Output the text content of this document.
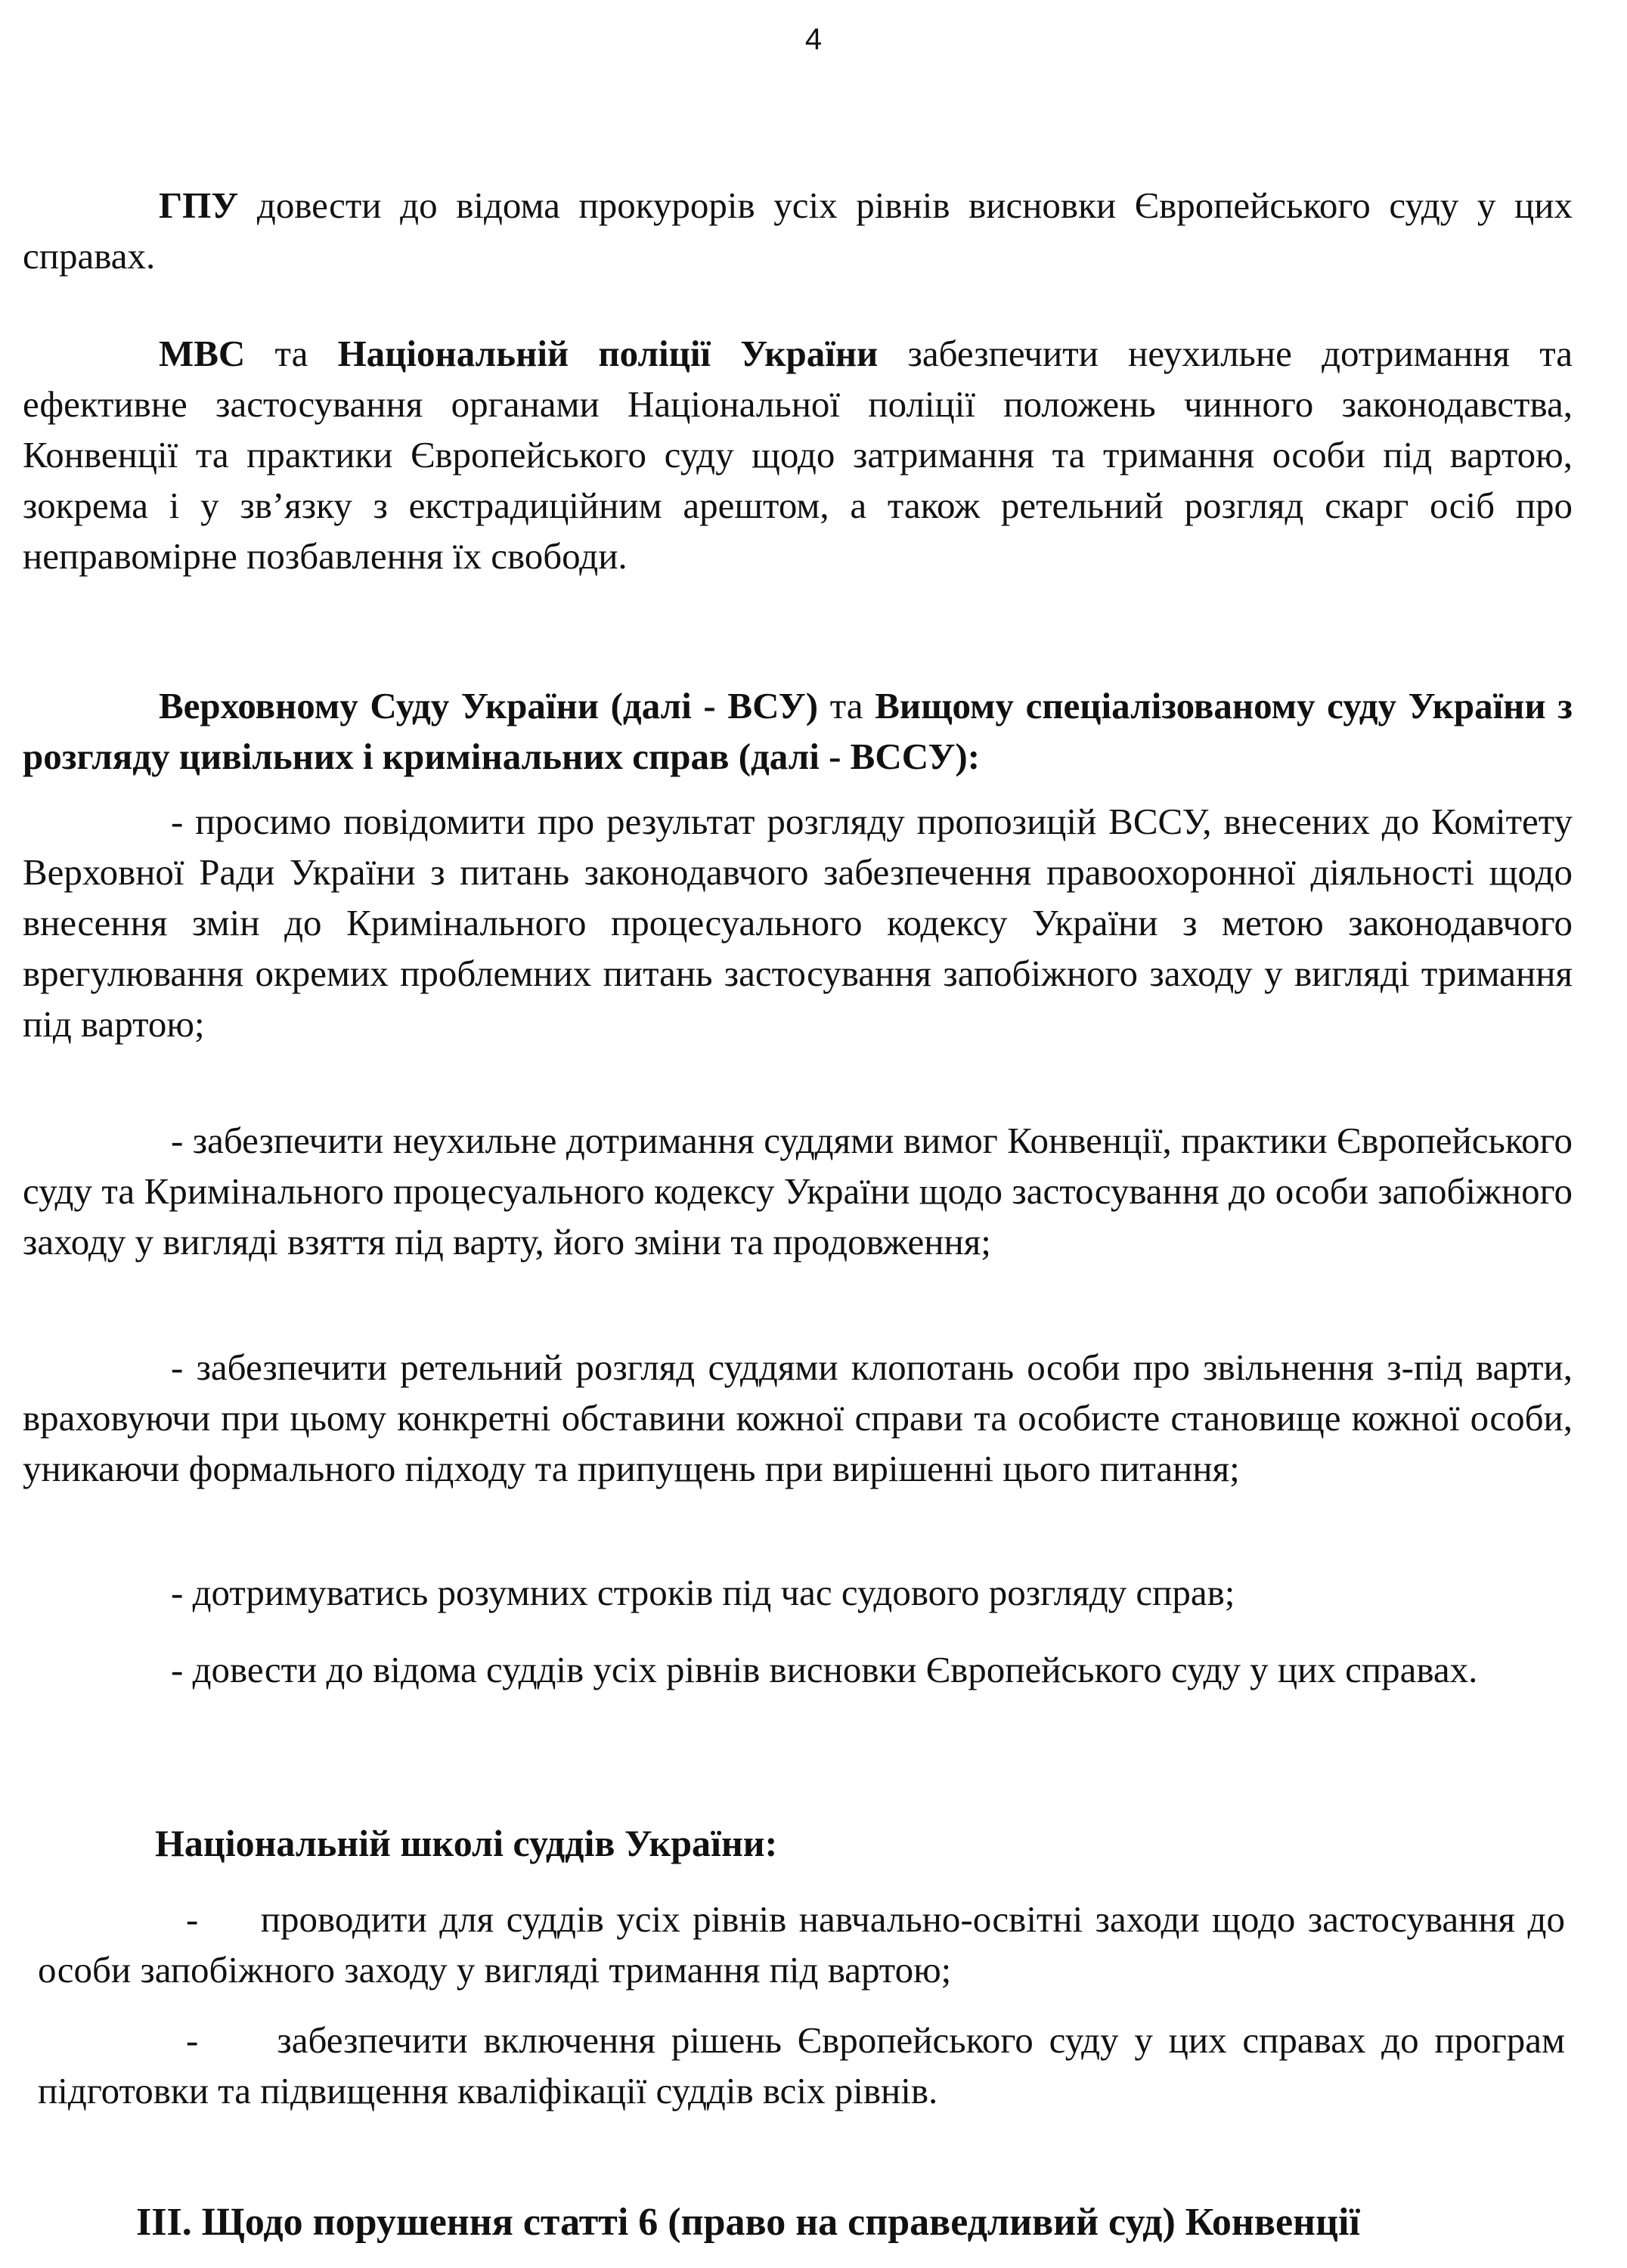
4
ГПУ довести до відома прокурорів усіх рівнів висновки Європейського суду у цих справах.
МВС та Національній поліції України забезпечити неухильне дотримання та ефективне застосування органами Національної поліції положень чинного законодавства, Конвенції та практики Європейського суду щодо затримання та тримання особи під вартою, зокрема і у зв’язку з екстрадиційним арештом, а також ретельний розгляд скарг осіб про неправомірне позбавлення їх свободи.
Верховному Суду України (далі - ВСУ) та Вищому спеціалізованому суду України з розгляду цивільних і кримінальних справ (далі - ВССУ):
- просимо повідомити про результат розгляду пропозицій ВССУ, внесених до Комітету Верховної Ради України з питань законодавчого забезпечення правоохоронної діяльності щодо внесення змін до Кримінального процесуального кодексу України з метою законодавчого врегулювання окремих проблемних питань застосування запобіжного заходу у вигляді тримання під вартою;
- забезпечити неухильне дотримання суддями вимог Конвенції, практики Європейського суду та Кримінального процесуального кодексу України щодо застосування до особи запобіжного заходу у вигляді взяття під варту, його зміни та продовження;
- забезпечити ретельний розгляд суддями клопотань особи про звільнення з-під варти, враховуючи при цьому конкретні обставини кожної справи та особисте становище кожної особи, уникаючи формального підходу та припущень при вирішенні цього питання;
- дотримуватись розумних строків під час судового розгляду справ;
- довести до відома суддів усіх рівнів висновки Європейського суду у цих справах.
Національній школі суддів України:
-     проводити для суддів усіх рівнів навчально-освітні заходи щодо застосування до особи запобіжного заходу у вигляді тримання під вартою;
-     забезпечити включення рішень Європейського суду у цих справах до програм підготовки та підвищення кваліфікації суддів всіх рівнів.
ІІІ. Щодо порушення статті 6 (право на справедливий суд) Конвенції
